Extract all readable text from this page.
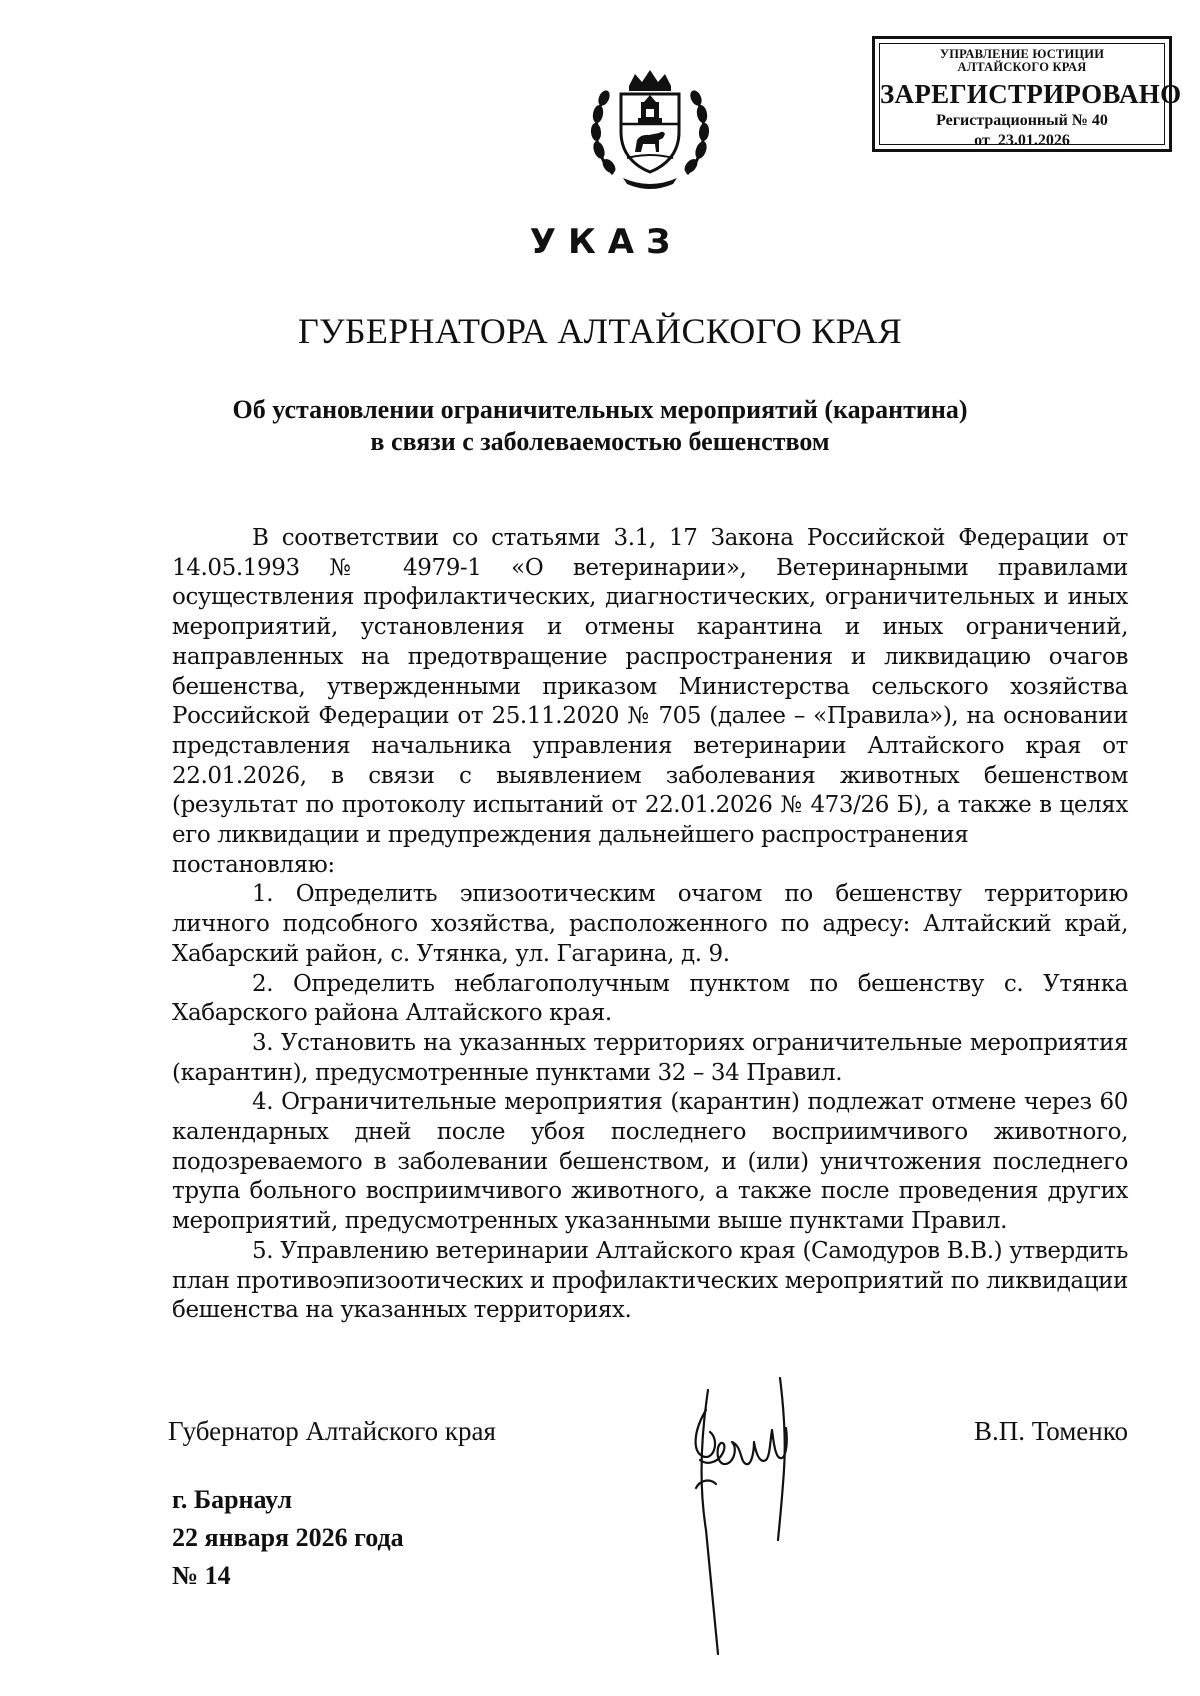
УПРАВЛЕНИЕ ЮСТИЦИИ
АЛТАЙСКОГО КРАЯ
ЗАРЕГИСТРИРОВАНО
Регистрационный № 40
от  23.01.2026
УКАЗ
ГУБЕРНАТОРА АЛТАЙСКОГО КРАЯ
Об установлении ограничительных мероприятий (карантина)
в связи с заболеваемостью бешенством

В соответствии со статьями 3.1, 17 Закона Российской Федерации от 14.05.1993 № 4979-1 «О ветеринарии», Ветеринарными правилами осуществления профилактических, диагностических, ограничительных и иных мероприятий, установления и отмены карантина и иных ограничений, направленных на предотвращение распространения и ликвидацию очагов бешенства, утвержденными приказом Министерства сельского хозяйства Российской Федерации от 25.11.2020 № 705 (далее – «Правила»), на основании представления начальника управления ветеринарии Алтайского края от 22.01.2026, в связи с выявлением заболевания животных бешенством (результат по протоколу испытаний от 22.01.2026 № 473/26 Б), а также в целях его ликвидации и предупреждения дальнейшего распространения

постановляю:

1. Определить эпизоотическим очагом по бешенству территорию личного подсобного хозяйства, расположенного по адресу: Алтайский край, Хабарский район, с. Утянка, ул. Гагарина, д. 9.

2. Определить неблагополучным пунктом по бешенству с. Утянка Хабарского района Алтайского края.

3. Установить на указанных территориях ограничительные мероприятия (карантин), предусмотренные пунктами 32 – 34 Правил.

4. Ограничительные мероприятия (карантин) подлежат отмене через 60 календарных дней после убоя последнего восприимчивого животного, подозреваемого в заболевании бешенством, и (или) уничтожения последнего трупа больного восприимчивого животного, а также после проведения других мероприятий, предусмотренных указанными выше пунктами Правил.

5. Управлению ветеринарии Алтайского края (Самодуров В.В.) утвердить план противоэпизоотических и профилактических мероприятий по ликвидации бешенства на указанных территориях.

Губернатор Алтайского края	В.П. Томенко
г. Барнаул
22 января 2026 года
№ 14
